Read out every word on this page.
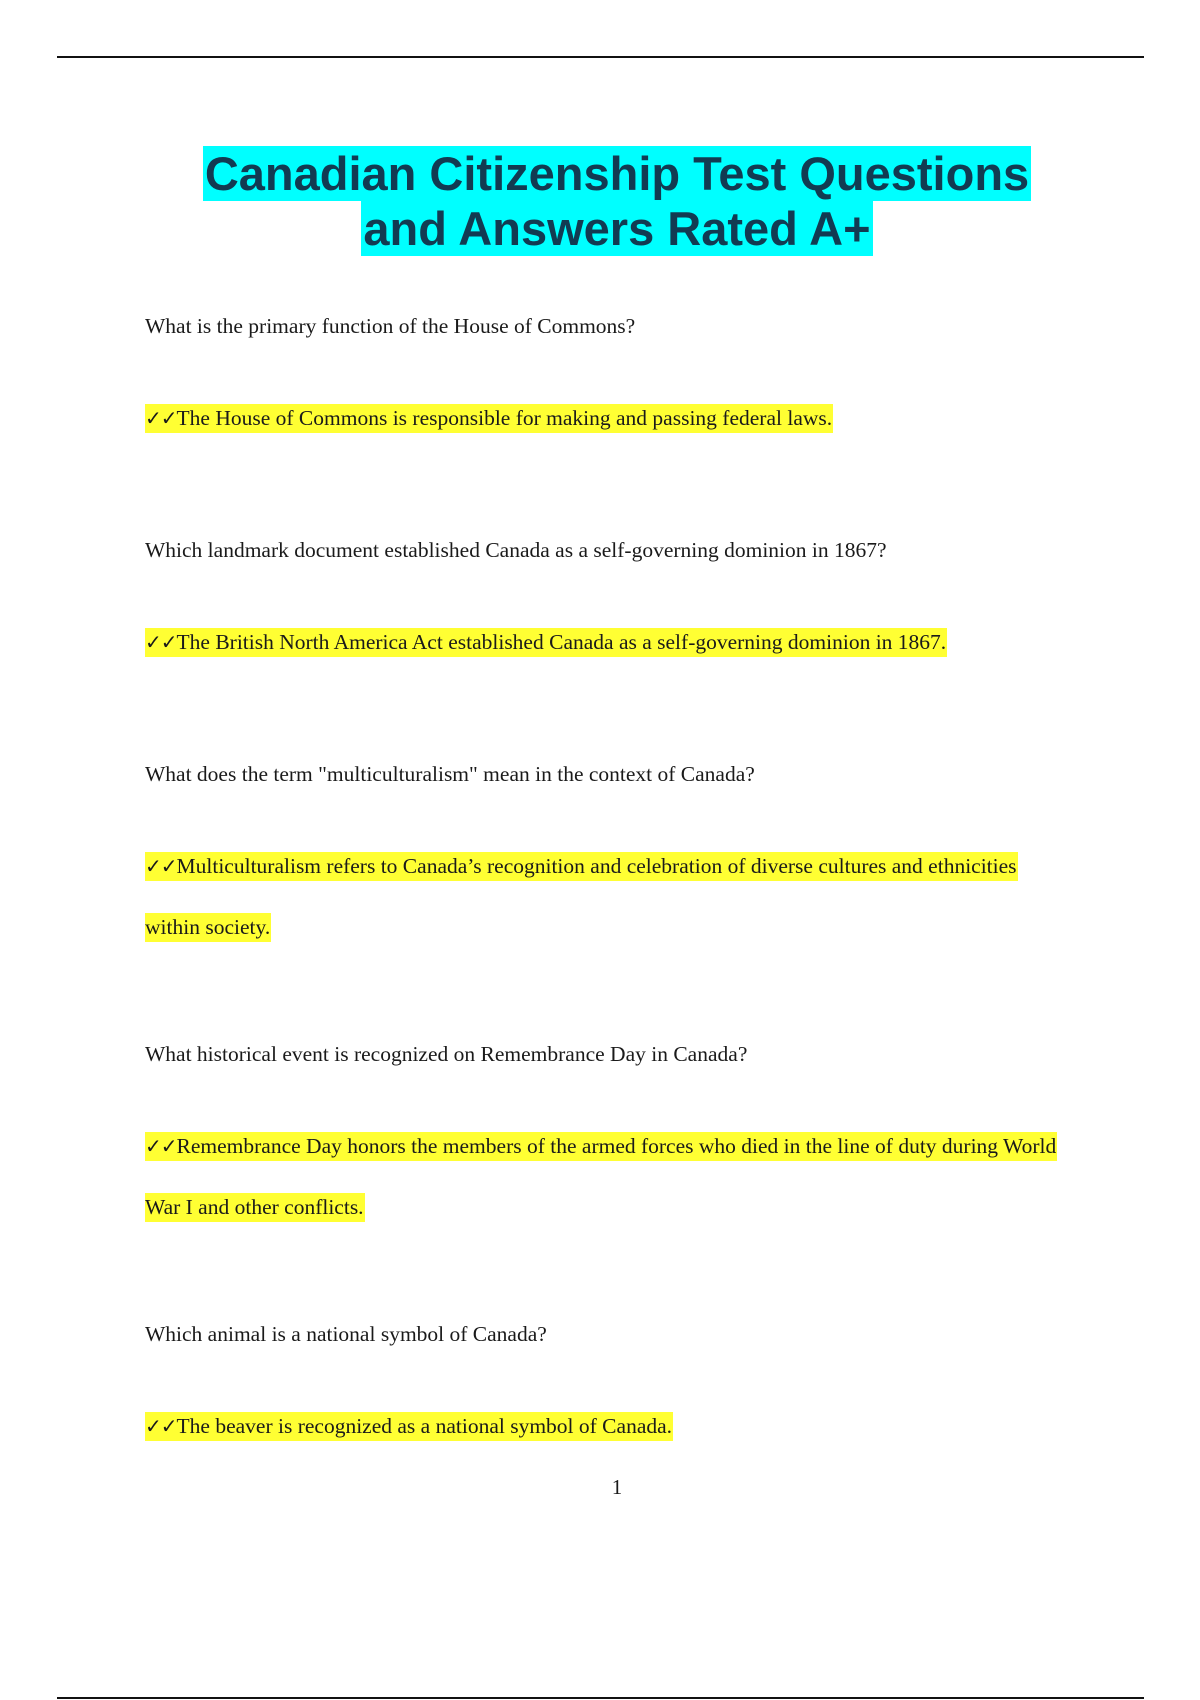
Canadian Citizenship Test Questions
and Answers Rated A+
What is the primary function of the House of Commons?
✓✓The House of Commons is responsible for making and passing federal laws.
Which landmark document established Canada as a self-governing dominion in 1867?
✓✓The British North America Act established Canada as a self-governing dominion in 1867.
What does the term "multiculturalism" mean in the context of Canada?
✓✓Multiculturalism refers to Canada’s recognition and celebration of diverse cultures and ethnicities within society.
What historical event is recognized on Remembrance Day in Canada?
✓✓Remembrance Day honors the members of the armed forces who died in the line of duty during World War I and other conflicts.
Which animal is a national symbol of Canada?
✓✓The beaver is recognized as a national symbol of Canada.
1
